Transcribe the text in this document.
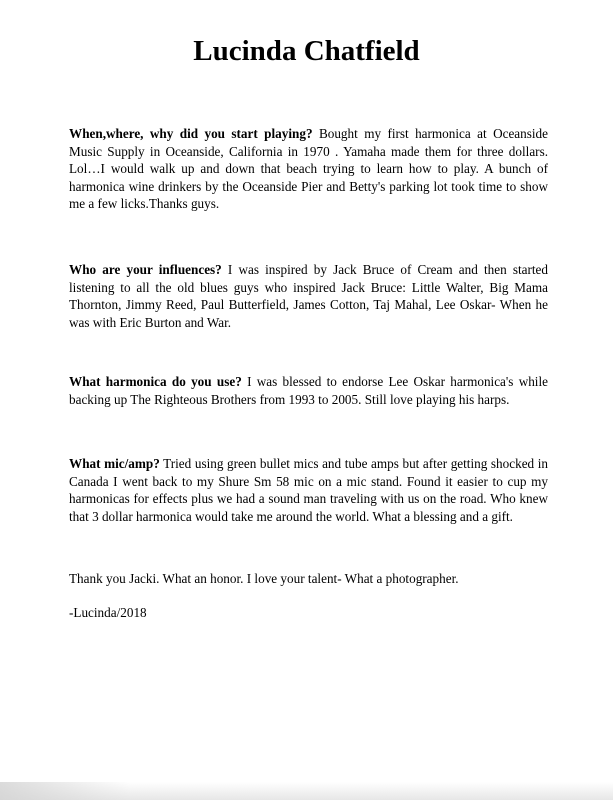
Lucinda Chatfield

When,where, why did you start playing? Bought my first harmonica at Oceanside Music Supply in Oceanside, California in 1970 . Yamaha made them for three dollars. Lol…I would walk up and down that beach trying to learn how to play. A bunch of harmonica wine drinkers by the Oceanside Pier and Betty's parking lot took time to show me a few licks.Thanks guys.

Who are your influences? I was inspired by Jack Bruce of Cream and then started listening to all the old blues guys who inspired Jack Bruce: Little Walter, Big Mama Thornton, Jimmy Reed, Paul Butterfield, James Cotton, Taj Mahal, Lee Oskar- When he was with Eric Burton and War.

What harmonica do you use? I was blessed to endorse Lee Oskar harmonica's while backing up The Righteous Brothers from 1993 to 2005. Still love playing his harps.

What mic/amp? Tried using green bullet mics and tube amps but after getting shocked in Canada I went back to my Shure Sm 58 mic on a mic stand. Found it easier to cup my harmonicas for effects plus we had a sound man traveling with us on the road. Who knew that 3 dollar harmonica would take me around the world. What a blessing and a gift.

Thank you Jacki. What an honor. I love your talent- What a photographer.

-Lucinda/2018
